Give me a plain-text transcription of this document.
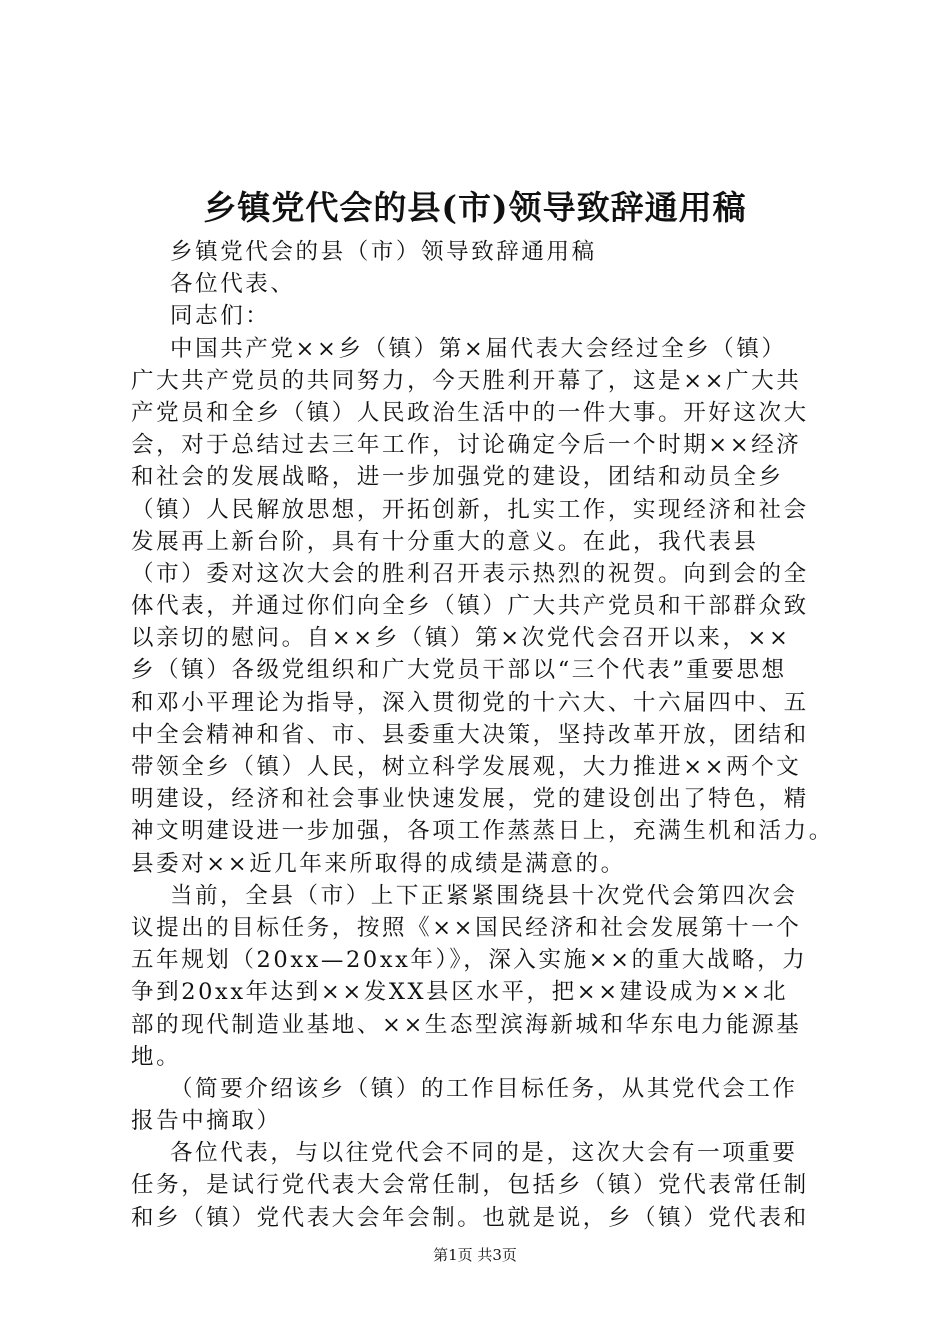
乡镇党代会的县(市)领导致辞通用稿
乡镇党代会的县（市）领导致辞通用稿
各位代表、
同志们：
中国共产党××乡（镇）第×届代表大会经过全乡（镇）
广大共产党员的共同努力，今天胜利开幕了，这是××广大共
产党员和全乡（镇）人民政治生活中的一件大事。开好这次大
会，对于总结过去三年工作，讨论确定今后一个时期××经济
和社会的发展战略，进一步加强党的建设，团结和动员全乡
（镇）人民解放思想，开拓创新，扎实工作，实现经济和社会
发展再上新台阶，具有十分重大的意义。在此，我代表县
（市）委对这次大会的胜利召开表示热烈的祝贺。向到会的全
体代表，并通过你们向全乡（镇）广大共产党员和干部群众致
以亲切的慰问。自××乡（镇）第×次党代会召开以来，××
乡（镇）各级党组织和广大党员干部以“三个代表”重要思想
和邓小平理论为指导，深入贯彻党的十六大、十六届四中、五
中全会精神和省、市、县委重大决策，坚持改革开放，团结和
带领全乡（镇）人民，树立科学发展观，大力推进××两个文
明建设，经济和社会事业快速发展，党的建设创出了特色，精
神文明建设进一步加强，各项工作蒸蒸日上，充满生机和活力。
县委对××近几年来所取得的成绩是满意的。
当前，全县（市）上下正紧紧围绕县十次党代会第四次会
议提出的目标任务，按照《××国民经济和社会发展第十一个
五年规划（20xx—20xx年）》，深入实施××的重大战略，力
争到20xx年达到××发XX县区水平，把××建设成为××北
部的现代制造业基地、××生态型滨海新城和华东电力能源基
地。
（简要介绍该乡（镇）的工作目标任务，从其党代会工作
报告中摘取）
各位代表，与以往党代会不同的是，这次大会有一项重要
任务，是试行党代表大会常任制，包括乡（镇）党代表常任制
和乡（镇）党代表大会年会制。也就是说，乡（镇）党代表和
第1页 共3页
